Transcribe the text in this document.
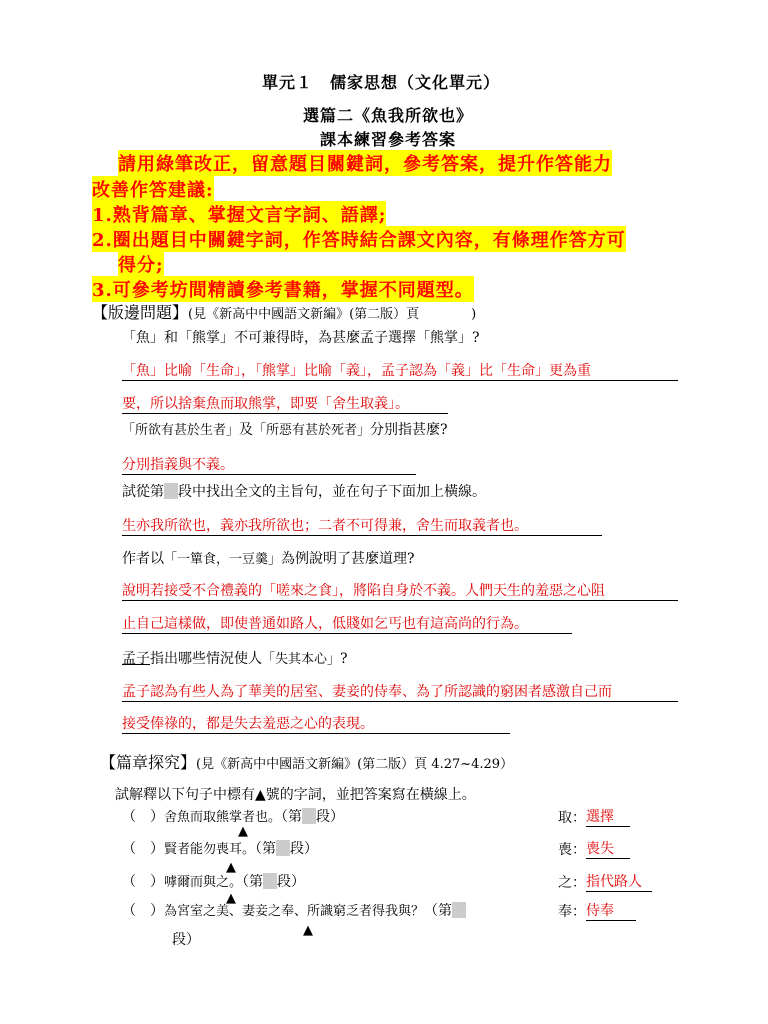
單元１　儒家思想（文化單元）
選篇二《魚我所欲也》
課本練習參考答案
請用綠筆改正，留意題目關鍵詞，參考答案，提升作答能力
改善作答建議:
1.熟背篇章、掌握文言字詞、語譯;
2.圈出題目中關鍵字詞，作答時結合課文內容，有條理作答方可
得分;
3.可參考坊間精讀參考書籍，掌握不同題型。
【版邊問題】(見《新高中中國語文新編》(第二版）頁　　　　)
「魚」和「熊掌」不可兼得時，為甚麼孟子選擇「熊掌」?
「魚」比喻「生命」，「熊掌」比喻「義」，孟子認為「義」比「生命」更為重
要，所以捨棄魚而取熊掌，即要「舍生取義」。
「所欲有甚於生者」及「所惡有甚於死者」分別指甚麼?
分別指義與不義。
試從第 段中找出全文的主旨句，並在句子下面加上橫線。
生亦我所欲也，義亦我所欲也；二者不可得兼，舍生而取義者也。
作者以「一簞食，一豆羹」為例說明了甚麼道理?
說明若接受不合禮義的「嗟來之食」，將陷自身於不義。人們天生的羞惡之心阻
止自己這樣做，即使普通如路人，低賤如乞丐也有這高尚的行為。
孟子指出哪些情況使人「失其本心」?
孟子認為有些人為了華美的居室、妻妾的侍奉、為了所認識的窮困者感激自己而
接受俸祿的，都是失去羞惡之心的表現。
【篇章探究】(見《新高中中國語文新編》(第二版）頁 4.27~4.29）
試解釋以下句子中標有▲號的字詞，並把答案寫在橫線上。
（　）舍魚而取熊掌者也。（第 段）	取：選擇
▲
（　）賢者能勿喪耳。（第 段）	喪：喪失
▲
（　）嘑爾而與之。（第 段）	之：指代路人
▲
（　）為宮室之美、妻妾之奉、所識窮乏者得我與？（第	奉：侍奉
段）
▲
